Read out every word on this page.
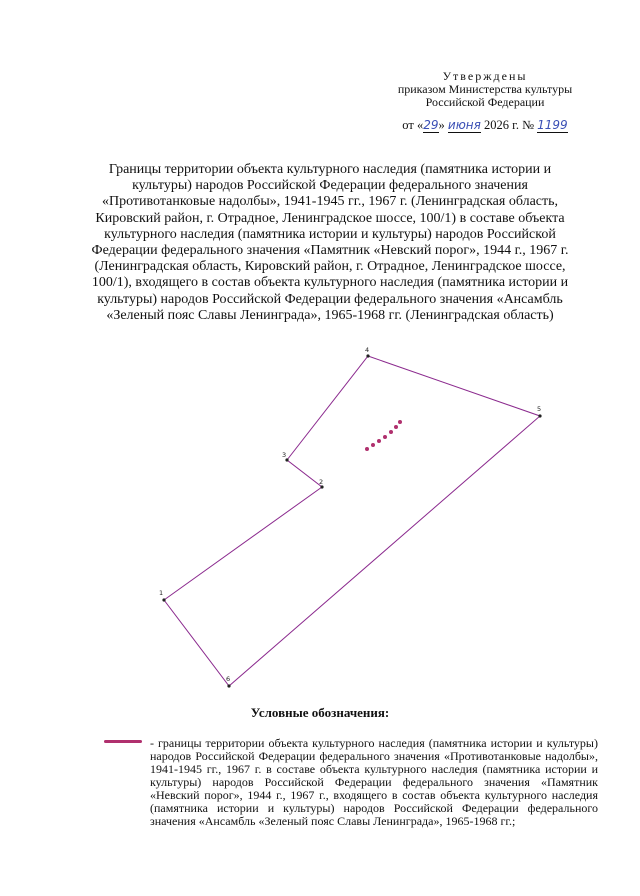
Утверждены
приказом Министерства культуры
Российской Федерации
от «29» июня 2026 г. № 1199
Границы территории объекта культурного наследия (памятника истории и культуры) народов Российской Федерации федерального значения «Противотанковые надолбы», 1941-1945 гг., 1967 г. (Ленинградская область, Кировский район, г. Отрадное, Ленинградское шоссе, 100/1) в составе объекта культурного наследия (памятника истории и культуры) народов Российской Федерации федерального значения «Памятник «Невский порог», 1944 г., 1967 г. (Ленинградская область, Кировский район, г. Отрадное, Ленинградское шоссе, 100/1), входящего в состав объекта культурного наследия (памятника истории и культуры) народов Российской Федерации федерального значения «Ансамбль «Зеленый пояс Славы Ленинграда», 1965-1968 гг. (Ленинградская область)
1
2
3
4
5
6
Условные обозначения:
- границы территории объекта культурного наследия (памятника истории и культуры) народов Российской Федерации федерального значения «Противотанковые надолбы», 1941-1945 гг., 1967 г. в составе объекта культурного наследия (памятника истории и культуры) народов Российской Федерации федерального значения «Памятник «Невский порог», 1944 г., 1967 г., входящего в состав объекта культурного наследия (памятника истории и культуры) народов Российской Федерации федерального значения «Ансамбль «Зеленый пояс Славы Ленинграда», 1965-1968 гг.;
